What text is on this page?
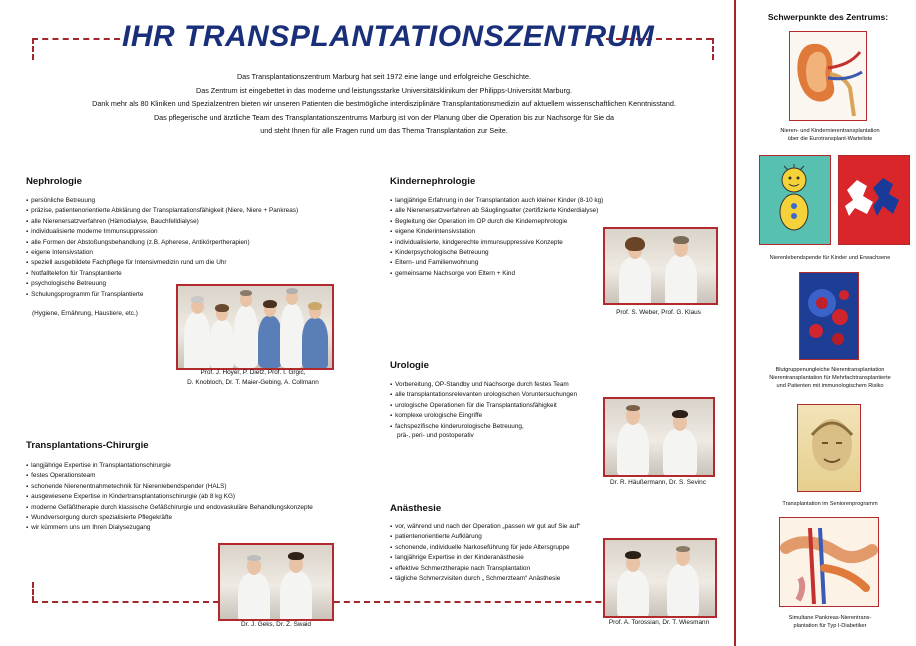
IHR TRANSPLANTATIONSZENTRUM

Das Transplantationszentrum Marburg hat seit 1972 eine lange und erfolgreiche Geschichte.

Das Zentrum ist eingebettet in das moderne und leistungsstarke Universitätsklinikum der Philipps-Universität Marburg.

Dank mehr als 80 Kliniken und Spezialzentren bieten wir unseren Patienten die bestmögliche interdisziplinäre Transplantationsmedizin auf aktuellem wissenschaftlichen Kenntnisstand.

Das pflegerische und ärztliche Team des Transplantationszentrums Marburg ist von der Planung über die Operation bis zur Nachsorge für Sie da

und steht Ihnen für alle Fragen rund um das Thema Transplantation zur Seite.

Nephrologie
▪ persönliche Betreuung
▪ präzise, patientenorientierte Abklärung der Transplantationsfähigkeit (Niere, Niere + Pankreas)
▪ alle Nierenersatzverfahren (Hämodialyse, Bauchfelldialyse)
▪ individualisierte moderne Immunsuppression
▪ alle Formen der Abstoßungsbehandlung (z.B. Apherese, Antikörpertherapien)
▪ eigene Intensivstation
▪ speziell ausgebildete Fachpflege für Intensivmedizin rund um die Uhr
▪ Notfalltelefon für Transplantierte
▪ psychologische Betreuung
▪ Schulungsprogramm für Transplantierte
(Hygiene, Ernährung, Haustiere, etc.)
Prof. J. Hoyer, P. Dietz, Prof. I. Grgic,
D. Knobloch, Dr. T. Maier-Gebing, A. Collmann
Transplantations-Chirurgie
▪ langjährige Expertise in Transplantationschirurgie
▪ festes Operationsteam
▪ schonende Nierenentnahmetechnik für Nierenlebendspender (HALS)
▪ ausgewiesene Expertise in Kindertransplantationschirurgie (ab 8 kg KG)
▪ moderne Gefäßtherapie durch klassische Gefäßchirurgie und endovaskuläre Behandlungskonzepte
▪ Wundversorgung durch spezialisierte Pflegekräfte
▪ wir kümmern uns um Ihren Dialysezugang
Dr. J. Geks, Dr. Z. Swaid
Kindernephrologie
▪ langjährige Erfahrung in der Transplantation auch kleiner Kinder (8-10 kg)
▪ alle Nierenersatzverfahren ab Säuglingsalter (zertifizierte Kinderdialyse)
▪ Begleitung der Operation im OP durch die Kindernephrologie
▪ eigene Kinderintensivstation
▪ individualisierte, kindgerechte immunsuppressive Konzepte
▪ Kinderpsychologische Betreuung
▪ Eltern- und Familienwohnung
▪ gemeinsame Nachsorge von Eltern + Kind
Prof. S. Weber, Prof. G. Klaus
Urologie
▪ Vorbereitung, OP-Standby und Nachsorge durch festes Team
▪ alle transplantationsrelevanten urologischen Voruntersuchungen
▪ urologische Operationen für die Transplantationsfähigkeit
▪ komplexe urologische Eingriffe
▪ fachspezifische kinderurologische Betreuung,
prä-, peri- und postoperativ
Dr. R. Häußermann, Dr. S. Sevinc
Anästhesie
▪ vor, während und nach der Operation „passen wir gut auf Sie auf“
▪ patientenorientierte Aufklärung
▪ schonende, individuelle Narkoseführung für jede Altersgruppe
▪ langjährige Expertise in der Kinderanästhesie
▪ effektive Schmerztherapie nach Transplantation
▪ tägliche Schmerzvisiten durch „ Schmerzteam“ Anästhesie
Prof. A. Torossian, Dr. T. Wiesmann
Schwerpunkte des Zentrums:
Nieren- und Kindernierentransplantation
über die Eurotransplant-Warteliste
Nierenlebendspende für Kinder und Erwachsene
Blutgruppenungleiche Nierentransplantation
Nierentransplantation für Mehrfachtransplantierte
und Patienten mit immunologischem Risiko
Transplantation im Seniorenprogramm
Simultane Pankreas-Nierentrans-
plantation für Typ I-Diabetiker
